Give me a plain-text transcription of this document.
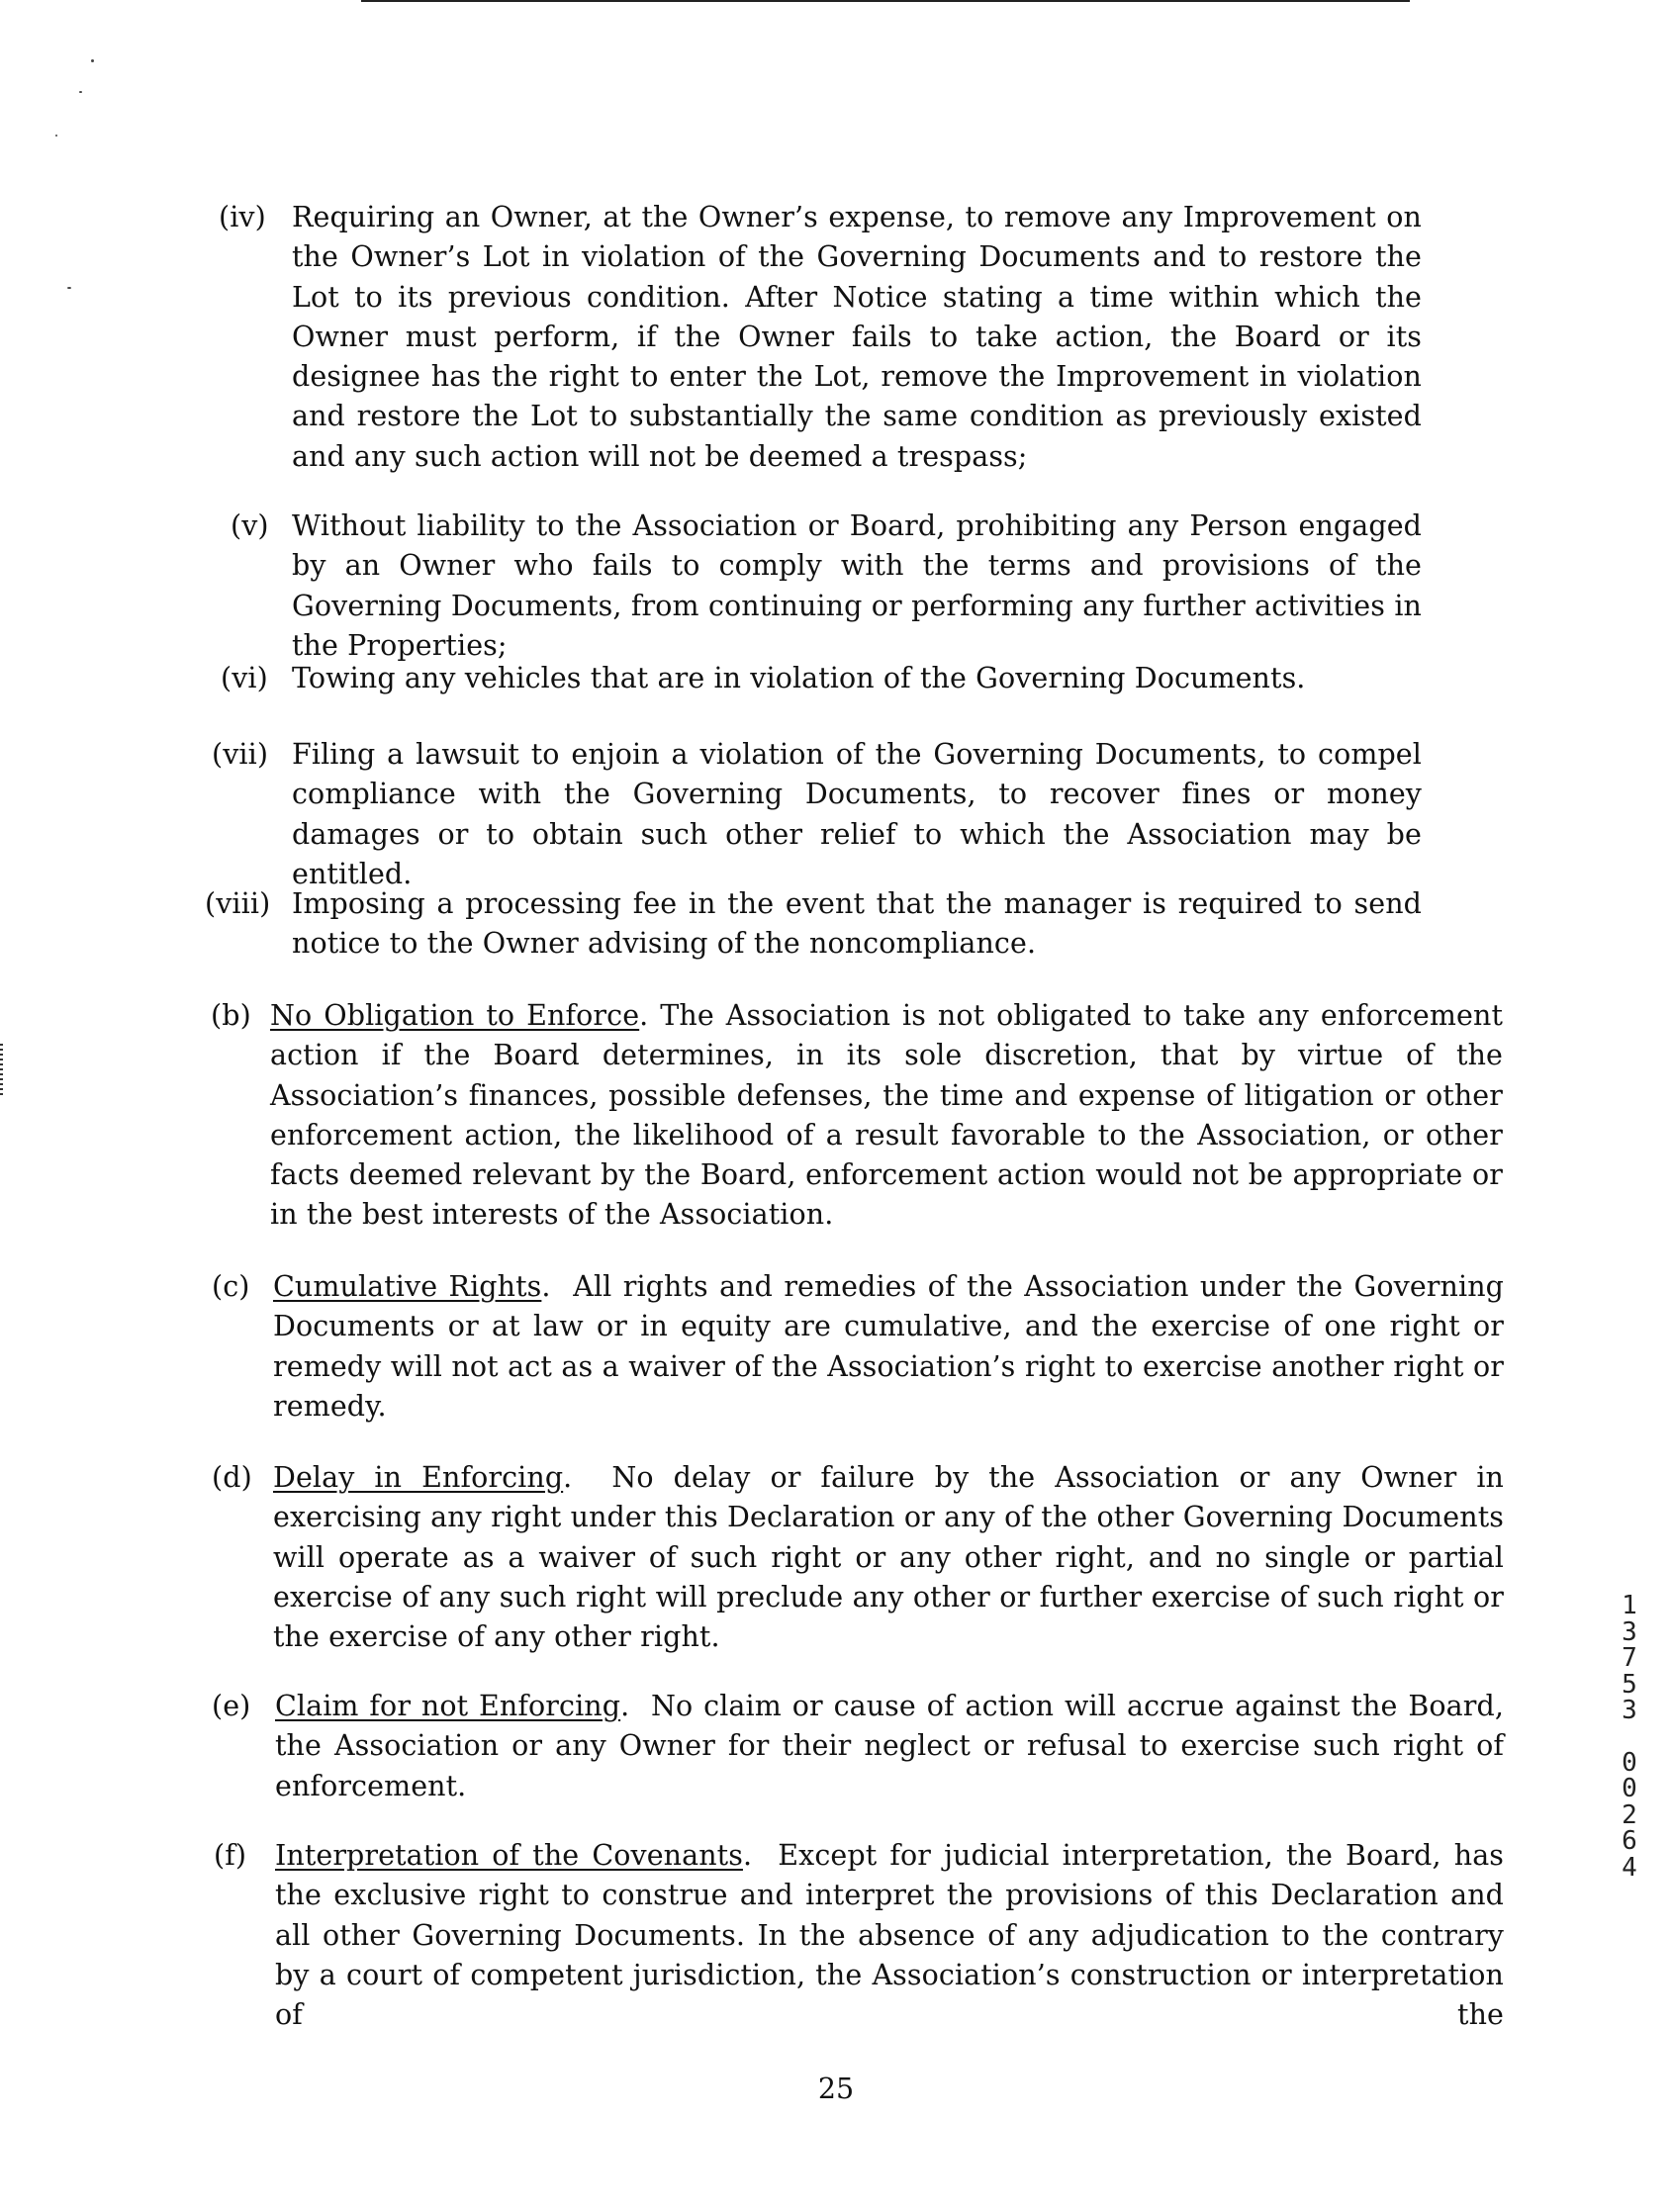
(iv) Requiring an Owner, at the Owner’s expense, to remove any Improvement on the Owner’s Lot in violation of the Governing Documents and to restore the Lot to its previous condition. After Notice stating a time within which the Owner must perform, if the Owner fails to take action, the Board or its designee has the right to enter the Lot, remove the Improvement in violation and restore the Lot to substantially the same condition as previously existed and any such action will not be deemed a trespass;
(v) Without liability to the Association or Board, prohibiting any Person engaged by an Owner who fails to comply with the terms and provisions of the Governing Documents, from continuing or performing any further activities in the Properties;
(vi) Towing any vehicles that are in violation of the Governing Documents.
(vii) Filing a lawsuit to enjoin a violation of the Governing Documents, to compel compliance with the Governing Documents, to recover fines or money damages or to obtain such other relief to which the Association may be entitled.
(viii) Imposing a processing fee in the event that the manager is required to send notice to the Owner advising of the noncompliance.
(b) No Obligation to Enforce. The Association is not obligated to take any enforcement action if the Board determines, in its sole discretion, that by virtue of the Association’s finances, possible defenses, the time and expense of litigation or other enforcement action, the likelihood of a result favorable to the Association, or other facts deemed relevant by the Board, enforcement action would not be appropriate or in the best interests of the Association.
(c) Cumulative Rights.  All rights and remedies of the Association under the Governing Documents or at law or in equity are cumulative, and the exercise of one right or remedy will not act as a waiver of the Association’s right to exercise another right or remedy.
(d) Delay in Enforcing.  No delay or failure by the Association or any Owner in exercising any right under this Declaration or any of the other Governing Documents will operate as a waiver of such right or any other right, and no single or partial exercise of any such right will preclude any other or further exercise of such right or the exercise of any other right.
(e) Claim for not Enforcing.  No claim or cause of action will accrue against the Board, the Association or any Owner for their neglect or refusal to exercise such right of enforcement.
(f) Interpretation of the Covenants.  Except for judicial interpretation, the Board, has the exclusive right to construe and interpret the provisions of this Declaration and all other Governing Documents. In the absence of any adjudication to the contrary by a court of competent jurisdiction, the Association’s construction or interpretation of the
25
1
3
7
5
3
0
0
2
6
4
